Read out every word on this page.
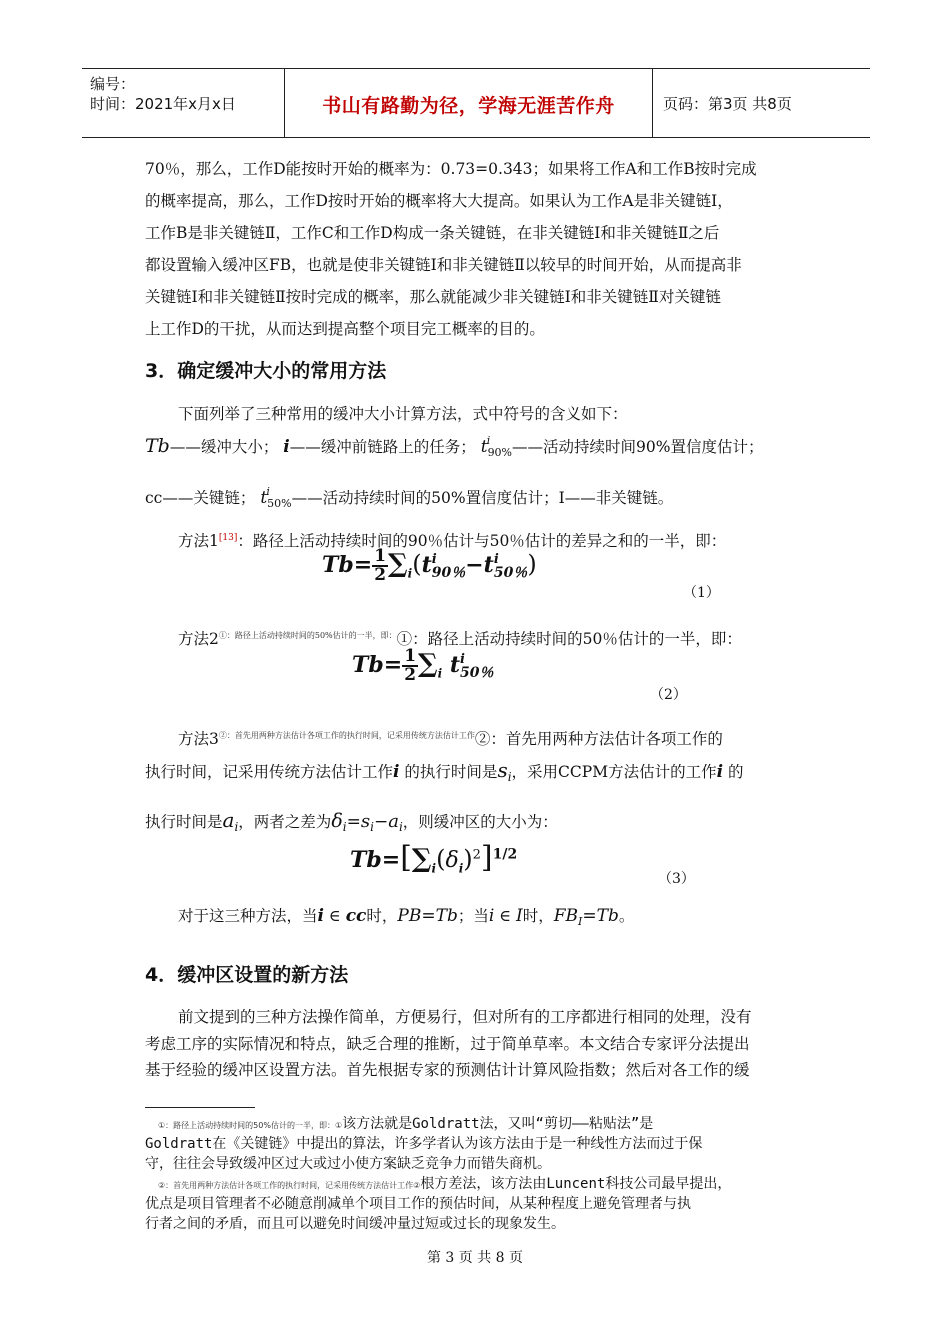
编号：
时间：2021年x月x日	书山有路勤为径，学海无涯苦作舟	页码：第3页 共8页
70％，那么，工作D能按时开始的概率为：0.73=0.343；如果将工作A和工作B按时完成
的概率提高，那么，工作D按时开始的概率将大大提高。如果认为工作A是非关键链Ⅰ，
工作B是非关键链Ⅱ，工作C和工作D构成一条关键链，在非关键链Ⅰ和非关键链Ⅱ之后
都设置输入缓冲区FB，也就是使非关键链Ⅰ和非关键链Ⅱ以较早的时间开始，从而提高非
关键链Ⅰ和非关键链Ⅱ按时完成的概率，那么就能减少非关键链Ⅰ和非关键链Ⅱ对关键链
上工作D的干扰，从而达到提高整个项目完工概率的目的。
3．确定缓冲大小的常用方法
下面列举了三种常用的缓冲大小计算方法，式中符号的含义如下：
Tb——缓冲大小； i——缓冲前链路上的任务； t i
$_{90\%}$——活动持续时间90%置信度估计；
cc——关键链； t i
$_{50\%}$——活动持续时间的50%置信度估计；I——非关键链。
方法1[13]：路径上活动持续时间的90％估计与50％估计的差异之和的一半，即：
$Tb= \frac{1}{2} \sum_i(t$ i
90％ −t i
50％ )
（1）
方法$2^{①:路径上活动持续时间的50\%估计的一半,即:}①$：路径上活动持续时间的50％估计的一半，即：
$Tb= \frac{1}{2} \sum_i$ t i
50％
（2）
方法$3^{②:首先用两种方法估计各项工作的执行时间,记采用传统方法估计工作}②$：首先用两种方法估计各项工作的
执行时间，记采用传统方法估计工作i 的执行时间是$s_i$，采用CCPM方法估计的工作i 的
执行时间是$a_i$，两者之差为$\delta_i=s_i-a_i$，则缓冲区的大小为：
$Tb=[\sum_i(\delta_i)^2]^{1/2}$
（3）
对于这三种方法，当i ∈ cc时，PB=Tb；当i ∈ I时，$FB_I=Tb$。
4．缓冲区设置的新方法
前文提到的三种方法操作简单，方便易行，但对所有的工序都进行相同的处理，没有
考虑工序的实际情况和特点，缺乏合理的推断，过于简单草率。本文结合专家评分法提出
基于经验的缓冲区设置方法。首先根据专家的预测估计计算风险指数；然后对各工作的缓
①：路径上活动持续时间的50%估计的一半，即：①该方法就是Goldratt法，又叫“剪切——粘贴法”是
Goldratt在《关键链》中提出的算法，许多学者认为该方法由于是一种线性方法而过于保
守，往往会导致缓冲区过大或过小使方案缺乏竞争力而错失商机。
②：首先用两种方法估计各项工作的执行时间，记采用传统方法估计工作②根方差法，该方法由Luncent科技公司最早提出，
优点是项目管理者不必随意削减单个项目工作的预估时间，从某种程度上避免管理者与执
行者之间的矛盾，而且可以避免时间缓冲量过短或过长的现象发生。
第 3 页 共 8 页
